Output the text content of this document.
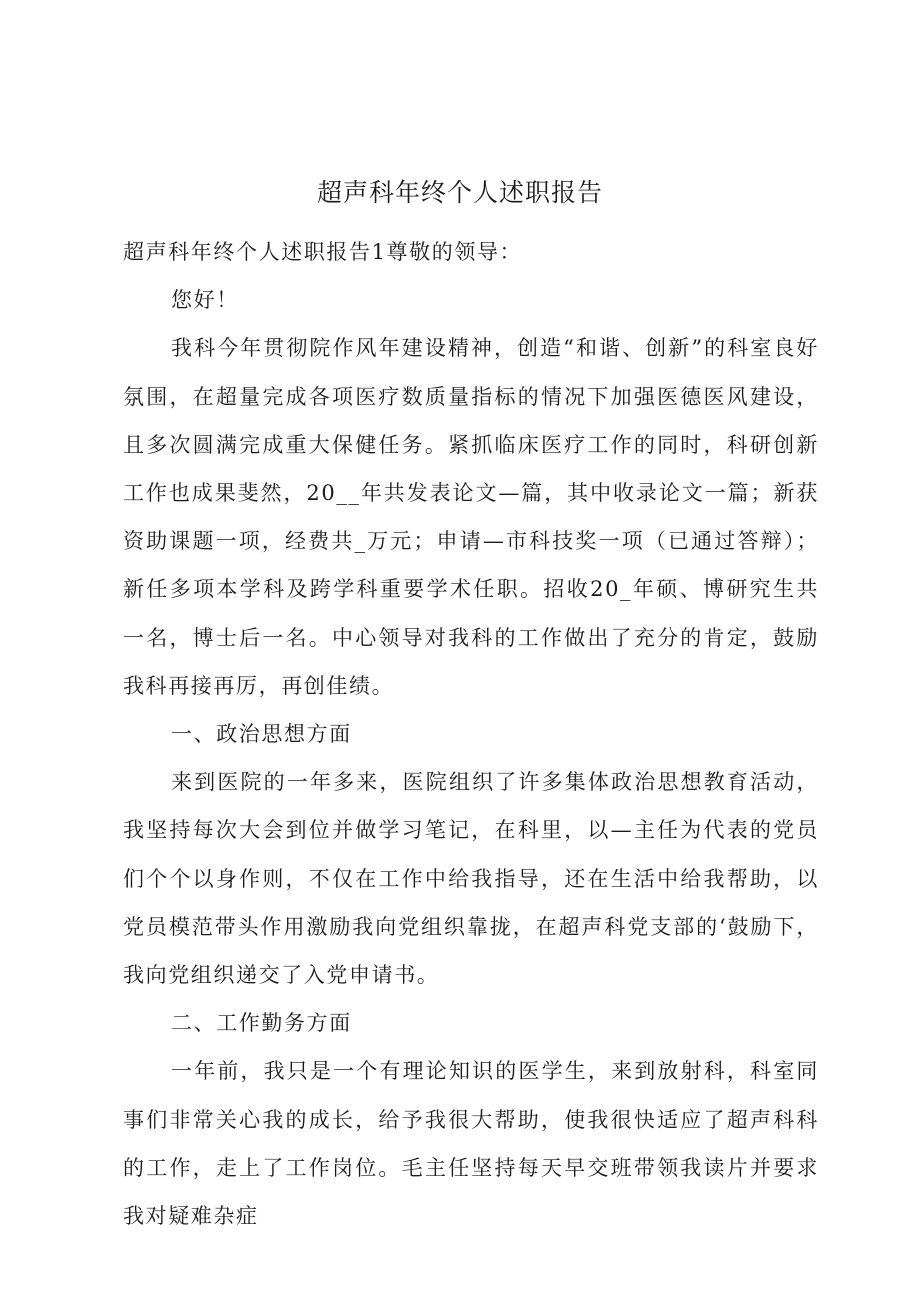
超声科年终个人述职报告

超声科年终个人述职报告1尊敬的领导：

您好！

我科今年贯彻院作风年建设精神，创造“和谐、创新”的科室良好氛围，在超量完成各项医疗数质量指标的情况下加强医德医风建设，且多次圆满完成重大保健任务。紧抓临床医疗工作的同时，科研创新工作也成果斐然，20__年共发表论文—篇，其中收录论文一篇；新获资助课题一项，经费共_万元；申请—市科技奖一项（已通过答辩）；新任多项本学科及跨学科重要学术任职。招收20_年硕、博研究生共一名，博士后一名。中心领导对我科的工作做出了充分的肯定，鼓励我科再接再厉，再创佳绩。

一、政治思想方面

来到医院的一年多来，医院组织了许多集体政治思想教育活动，我坚持每次大会到位并做学习笔记，在科里，以—主任为代表的党员们个个以身作则，不仅在工作中给我指导，还在生活中给我帮助，以党员模范带头作用激励我向党组织靠拢，在超声科党支部的‘鼓励下，我向党组织递交了入党申请书。

二、工作勤务方面

一年前，我只是一个有理论知识的医学生，来到放射科，科室同事们非常关心我的成长，给予我很大帮助，使我很快适应了超声科科的工作，走上了工作岗位。毛主任坚持每天早交班带领我读片并要求我对疑难杂症
